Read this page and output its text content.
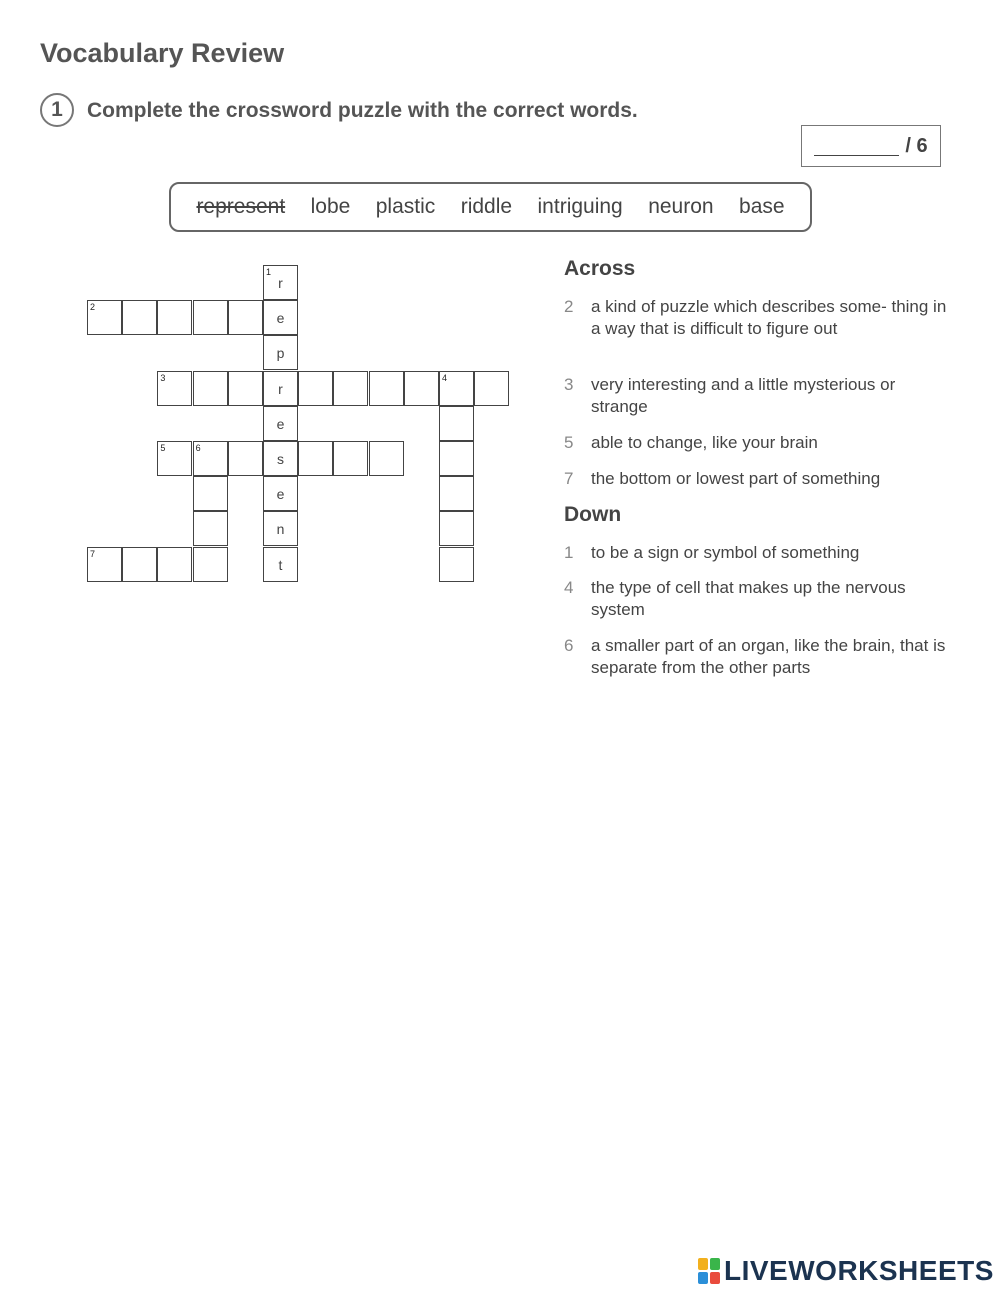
Vocabulary Review
1	Complete the crossword puzzle with the correct words.
/ 6
represent lobe plastic riddle intriguing neuron base
1
r
e
p
r
e
s
e
n
t
2
3	4
5	6
7
Across
2 a kind of puzzle which describes some- thing in a way that is difficult to figure out
3 very interesting and a little mysterious or strange
5 able to change, like your brain
7 the bottom or lowest part of something
Down
1 to be a sign or symbol of something
4 the type of cell that makes up the nervous system
6 a smaller part of an organ, like the brain, that is separate from the other parts
LIVEWORKSHEETS
